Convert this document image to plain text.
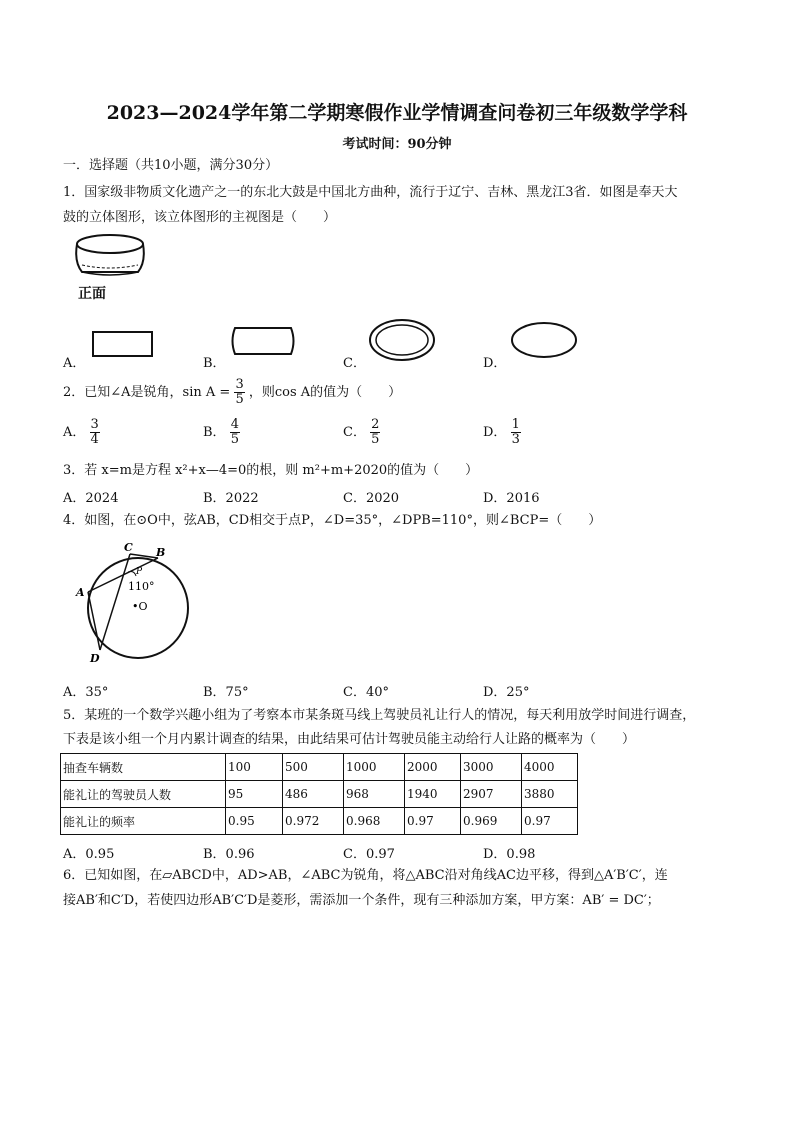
2023—2024学年第二学期寒假作业学情调查问卷初三年级数学学科
考试时间：90分钟
一．选择题（共10小题，满分30分）
1．国家级非物质文化遗产之一的东北大鼓是中国北方曲种，流行于辽宁、吉林、黑龙江3省．如图是奉天大
鼓的立体图形，该立体图形的主视图是（　　）
正面
A．	B．	C．	D．
2．已知∠A是锐角，$\sin A = \frac{3}{5}$ ，则cos A的值为（　　）
A． $\frac{3}{4}$	B． $\frac{4}{5}$	C． $\frac{2}{5}$	D． $\frac{1}{3}$
3．若 x=m是方程 x²+x—4=0的根，则 m²+m+2020的值为（　　）
A．2024	B．2022	C．2020	D．2016
4．如图，在⊙O中，弦AB，CD相交于点P，∠D=35°，∠DPB=110°，则∠BCP=（　　）
A
B
C
D
P
110°
•O
A．35°	B．75°	C．40°	D．25°
5．某班的一个数学兴趣小组为了考察本市某条斑马线上驾驶员礼让行人的情况，每天利用放学时间进行调查，
下表是该小组一个月内累计调查的结果，由此结果可估计驾驶员能主动给行人让路的概率为（　　）
抽查车辆数	100	500	1000	2000	3000	4000
能礼让的驾驶员人数	95	486	968	1940	2907	3880
能礼让的频率	0.95	0.972	0.968	0.97	0.969	0.97
A．0.95	B．0.96	C．0.97	D．0.98
6．已知如图，在▱ABCD中，AD>AB，∠ABC为锐角，将△ABC沿对角线AC边平移，得到△A′B′C′，连
接AB′和C′D，若使四边形AB′C′D是菱形，需添加一个条件，现有三种添加方案，甲方案：AB′ = DC′；
